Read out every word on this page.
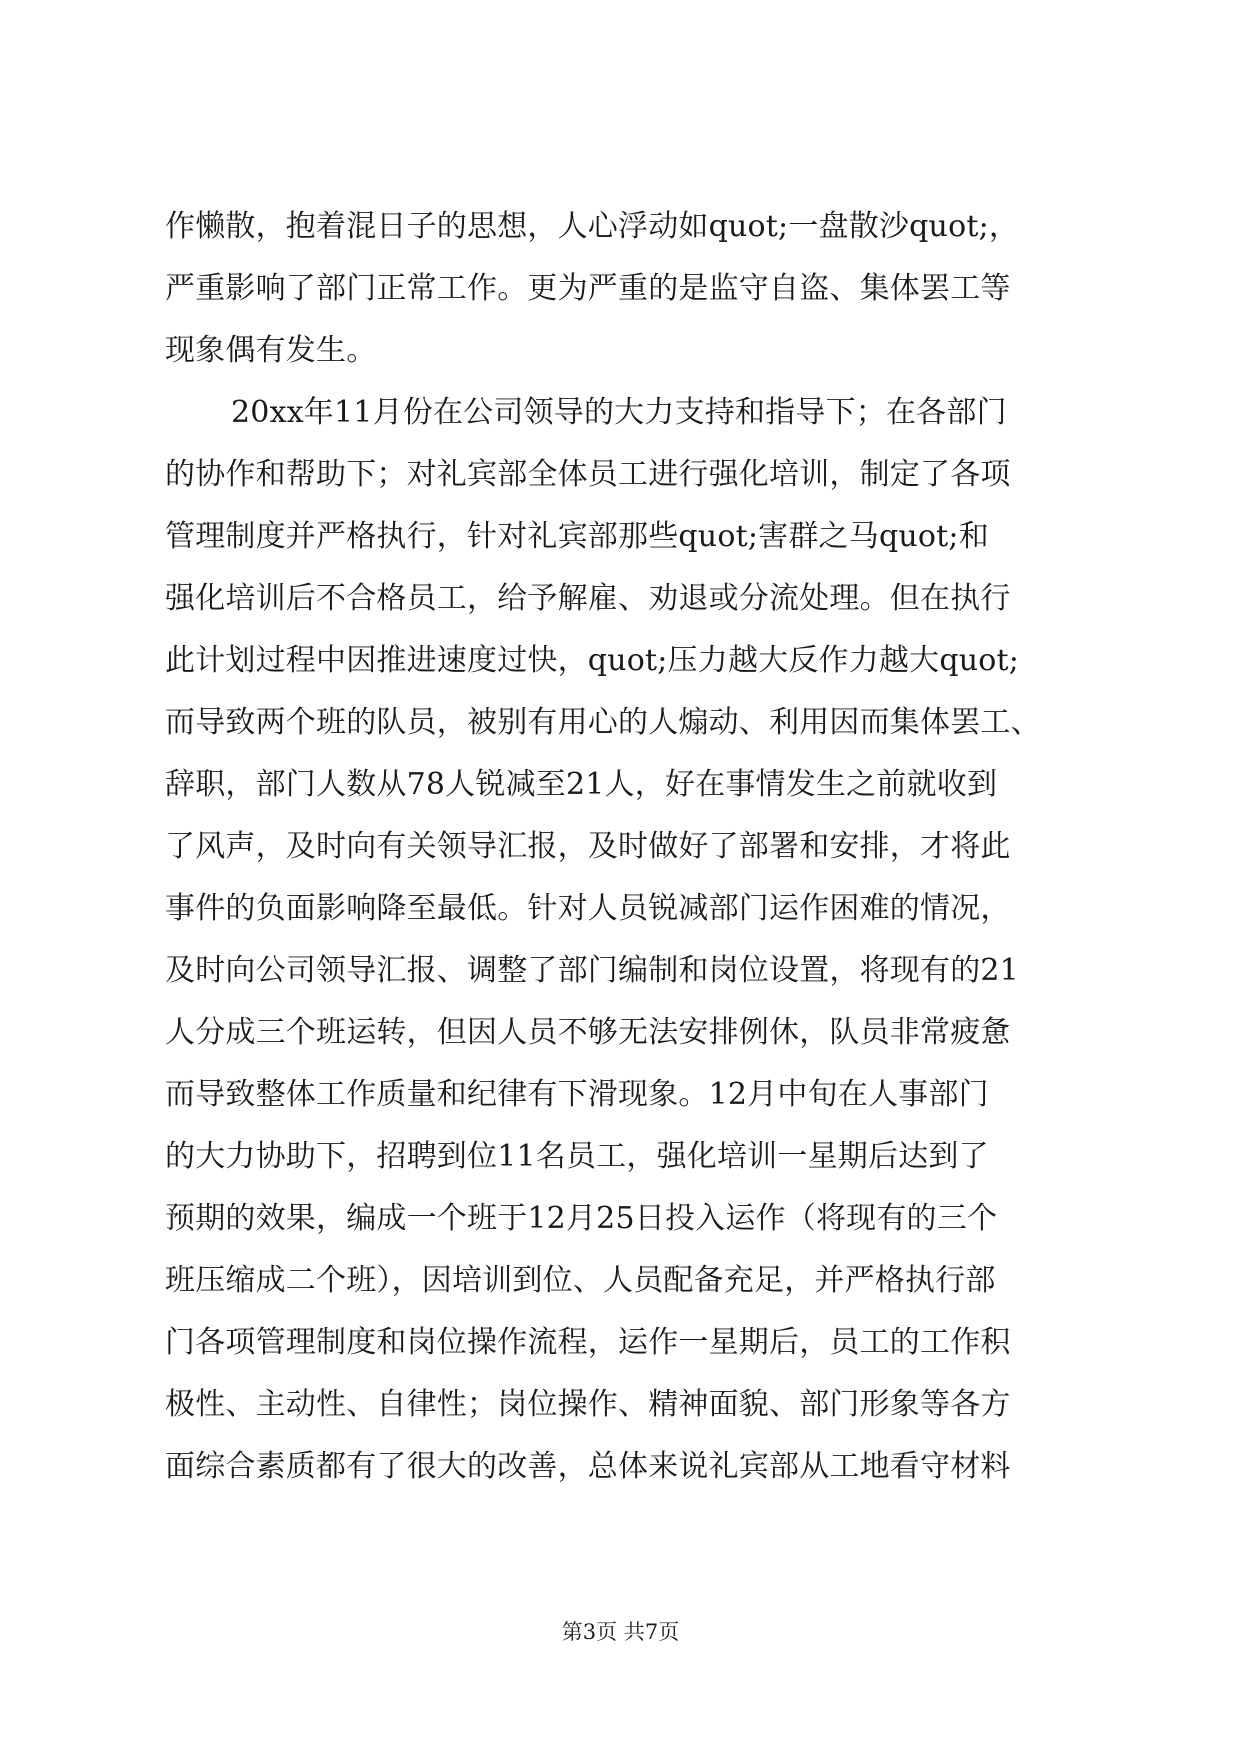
作懒散，抱着混日子的思想，人心浮动如quot;一盘散沙quot;，
严重影响了部门正常工作。更为严重的是监守自盗、集体罢工等
现象偶有发生。
20xx年11月份在公司领导的大力支持和指导下；在各部门
的协作和帮助下；对礼宾部全体员工进行强化培训，制定了各项
管理制度并严格执行，针对礼宾部那些quot;害群之马quot;和
强化培训后不合格员工，给予解雇、劝退或分流处理。但在执行
此计划过程中因推进速度过快，quot;压力越大反作力越大quot;
而导致两个班的队员，被别有用心的人煽动、利用因而集体罢工、
辞职，部门人数从78人锐减至21人，好在事情发生之前就收到
了风声，及时向有关领导汇报，及时做好了部署和安排，才将此
事件的负面影响降至最低。针对人员锐减部门运作困难的情况，
及时向公司领导汇报、调整了部门编制和岗位设置，将现有的21
人分成三个班运转，但因人员不够无法安排例休，队员非常疲惫
而导致整体工作质量和纪律有下滑现象。12月中旬在人事部门
的大力协助下，招聘到位11名员工，强化培训一星期后达到了
预期的效果，编成一个班于12月25日投入运作（将现有的三个
班压缩成二个班），因培训到位、人员配备充足，并严格执行部
门各项管理制度和岗位操作流程，运作一星期后，员工的工作积
极性、主动性、自律性；岗位操作、精神面貌、部门形象等各方
面综合素质都有了很大的改善，总体来说礼宾部从工地看守材料
第3页 共7页
